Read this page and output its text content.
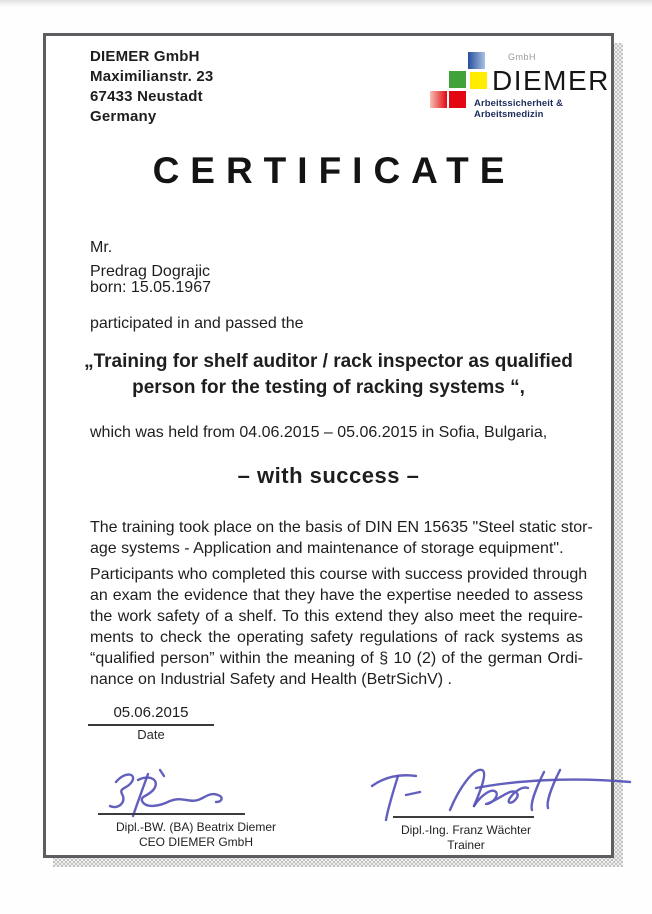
DIEMER GmbH
Maximilianstr. 23
67433 Neustadt
Germany
GmbH
DIEMER
Arbeitssicherheit & Arbeitsmedizin
CERTIFICATE
Mr.
Predrag Dograjic
born: 15.05.1967
participated in and passed the
„Training for shelf auditor / rack inspector as qualified
person for the testing of racking systems “,
which was held from 04.06.2015 – 05.06.2015 in Sofia, Bulgaria,
– with success –
The training took place on the basis of DIN EN 15635 "Steel static stor-
age systems - Application and maintenance of storage equipment".
Participants who completed this course with success provided through
an exam the evidence that they have the expertise needed to assess
the work safety of a shelf. To this extend they also meet the require-
ments to check the operating safety regulations of rack systems as
“qualified person” within the meaning of § 10 (2) of the german Ordi-
nance on Industrial Safety and Health (BetrSichV) .
05.06.2015
Date
Dipl.-BW. (BA) Beatrix Diemer
CEO DIEMER GmbH
Dipl.-Ing. Franz Wächter
Trainer
